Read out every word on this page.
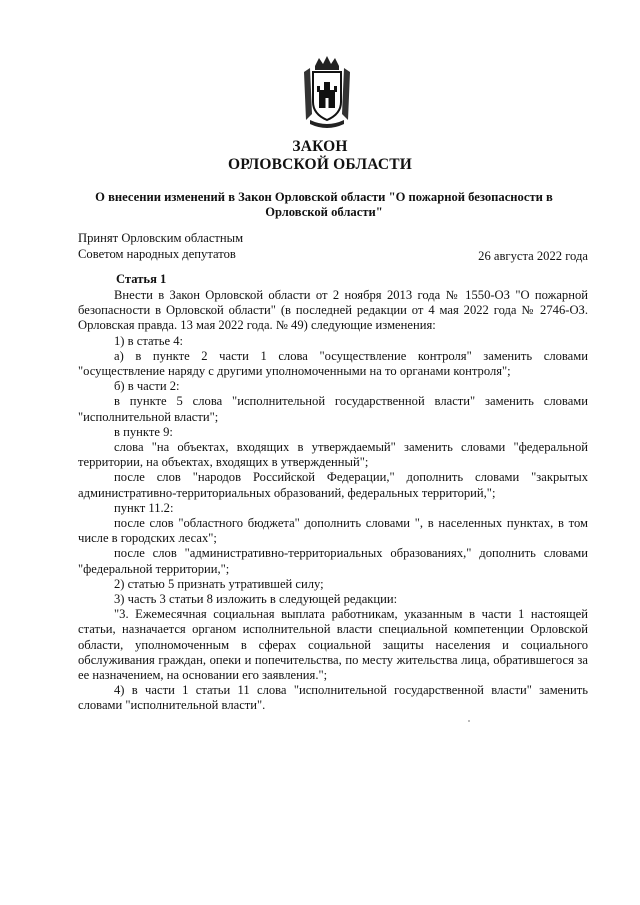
ЗАКОН
ОРЛОВСКОЙ ОБЛАСТИ
О внесении изменений в Закон Орловской области "О пожарной безопасности в Орловской области"
Принят Орловским областным
Советом народных депутатов	26 августа 2022 года
Статья 1

Внести в Закон Орловской области от 2 ноября 2013 года № 1550-ОЗ "О пожарной безопасности в Орловской области" (в последней редакции от 4 мая 2022 года № 2746-ОЗ. Орловская правда. 13 мая 2022 года. № 49) следующие изменения:

1) в статье 4:

а) в пункте 2 части 1 слова "осуществление контроля" заменить словами "осуществление наряду с другими уполномоченными на то органами контроля";

б) в части 2:

в пункте 5 слова "исполнительной государственной власти" заменить словами "исполнительной власти";

в пункте 9:

слова "на объектах, входящих в утверждаемый" заменить словами "федеральной территории, на объектах, входящих в утвержденный";

после слов "народов Российской Федерации," дополнить словами "закрытых административно-территориальных образований, федеральных территорий,";

пункт 11.2:

после слов "областного бюджета" дополнить словами ", в населенных пунктах, в том числе в городских лесах";

после слов "административно-территориальных образованиях," дополнить словами "федеральной территории,";

2) статью 5 признать утратившей силу;

3) часть 3 статьи 8 изложить в следующей редакции:

"3. Ежемесячная социальная выплата работникам, указанным в части 1 настоящей статьи, назначается органом исполнительной власти специальной компетенции Орловской области, уполномоченным в сферах социальной защиты населения и социального обслуживания граждан, опеки и попечительства, по месту жительства лица, обратившегося за ее назначением, на основании его заявления.";

4) в части 1 статьи 11 слова "исполнительной государственной власти" заменить словами "исполнительной власти".
